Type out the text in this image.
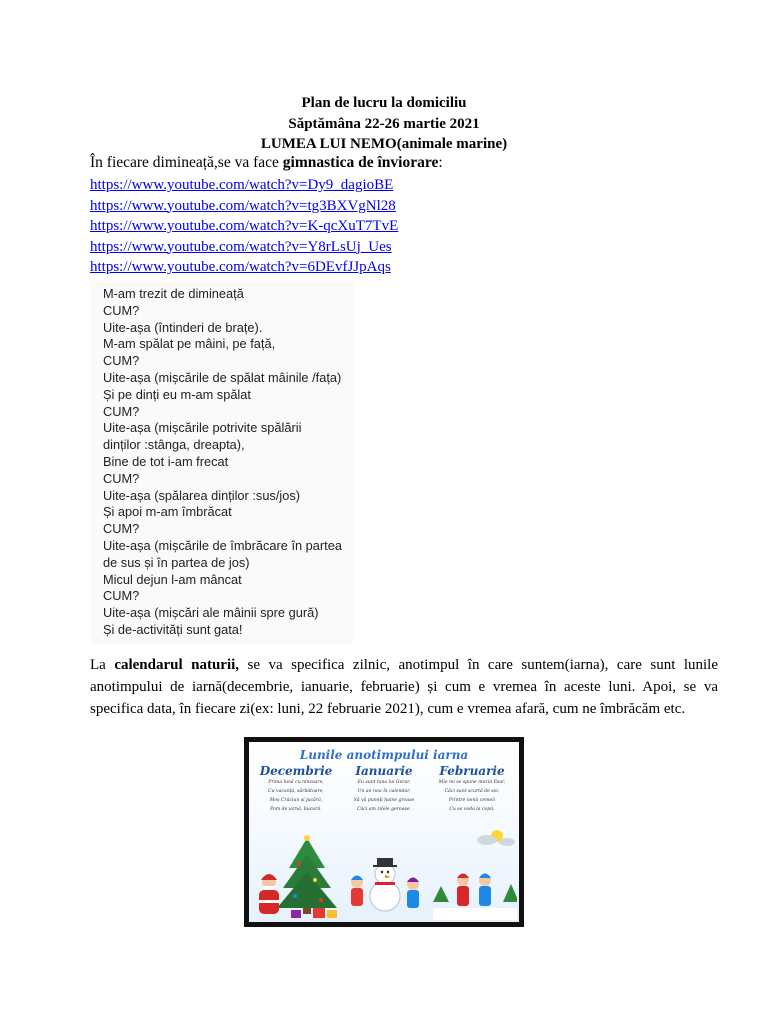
Plan de lucru la domiciliu
Săptămâna 22-26 martie 2021
LUMEA LUI NEMO(animale marine)
În fiecare dimineață,se va face gimnastica de înviorare:
https://www.youtube.com/watch?v=Dy9_dagioBE
https://www.youtube.com/watch?v=tg3BXVgNl28
https://www.youtube.com/watch?v=K-qcXuT7TvE
https://www.youtube.com/watch?v=Y8rLsUj_Ues
https://www.youtube.com/watch?v=6DEvfJJpAqs
M-am trezit de dimineață
CUM?
Uite-așa (întinderi de brațe).
M-am spălat pe mâini, pe față,
CUM?
Uite-așa (mișcările de spălat mâinile /fața)
Și pe dinți eu m-am spălat
CUM?
Uite-așa (mișcările potrivite spălării
dinților :stânga, dreapta),
Bine de tot i-am frecat
CUM?
Uite-așa (spălarea dinților :sus/jos)
Și apoi m-am îmbrăcat
CUM?
Uite-așa (mișcările de îmbrăcare în partea
de sus și în partea de jos)
Micul dejun l-am mâncat
CUM?
Uite-așa (mișcări ale mâinii spre gură)
Și de-activități sunt gata!

La calendarul naturii, se va specifica zilnic, anotimpul în care suntem(iarna), care sunt lunile anotimpului de iarnă(decembrie, ianuarie, februarie) și cum e vremea în aceste luni. Apoi, se va specifica data, în fiecare zi(ex: luni, 22 februarie 2021), cum e vremea afară, cum ne îmbrăcăm etc.

Lunile anotimpului iarna
Decembrie
Prima lună cu ninsoare,
Cu vacanță, sărbătoare,
Moș Crăciun și jucării,
Pom de iarnă, bucurii.
Ianuarie
Eu sunt luna lui Gerar,
Un an nou în calendar,
Să vă puneți haine groase
Căci am zilele geroase.
Februarie
Mie mi se spune mezin Faur,
Căci sunt scurtă de soi,
Printre nenii cemeii
Cu se voda la copii.
